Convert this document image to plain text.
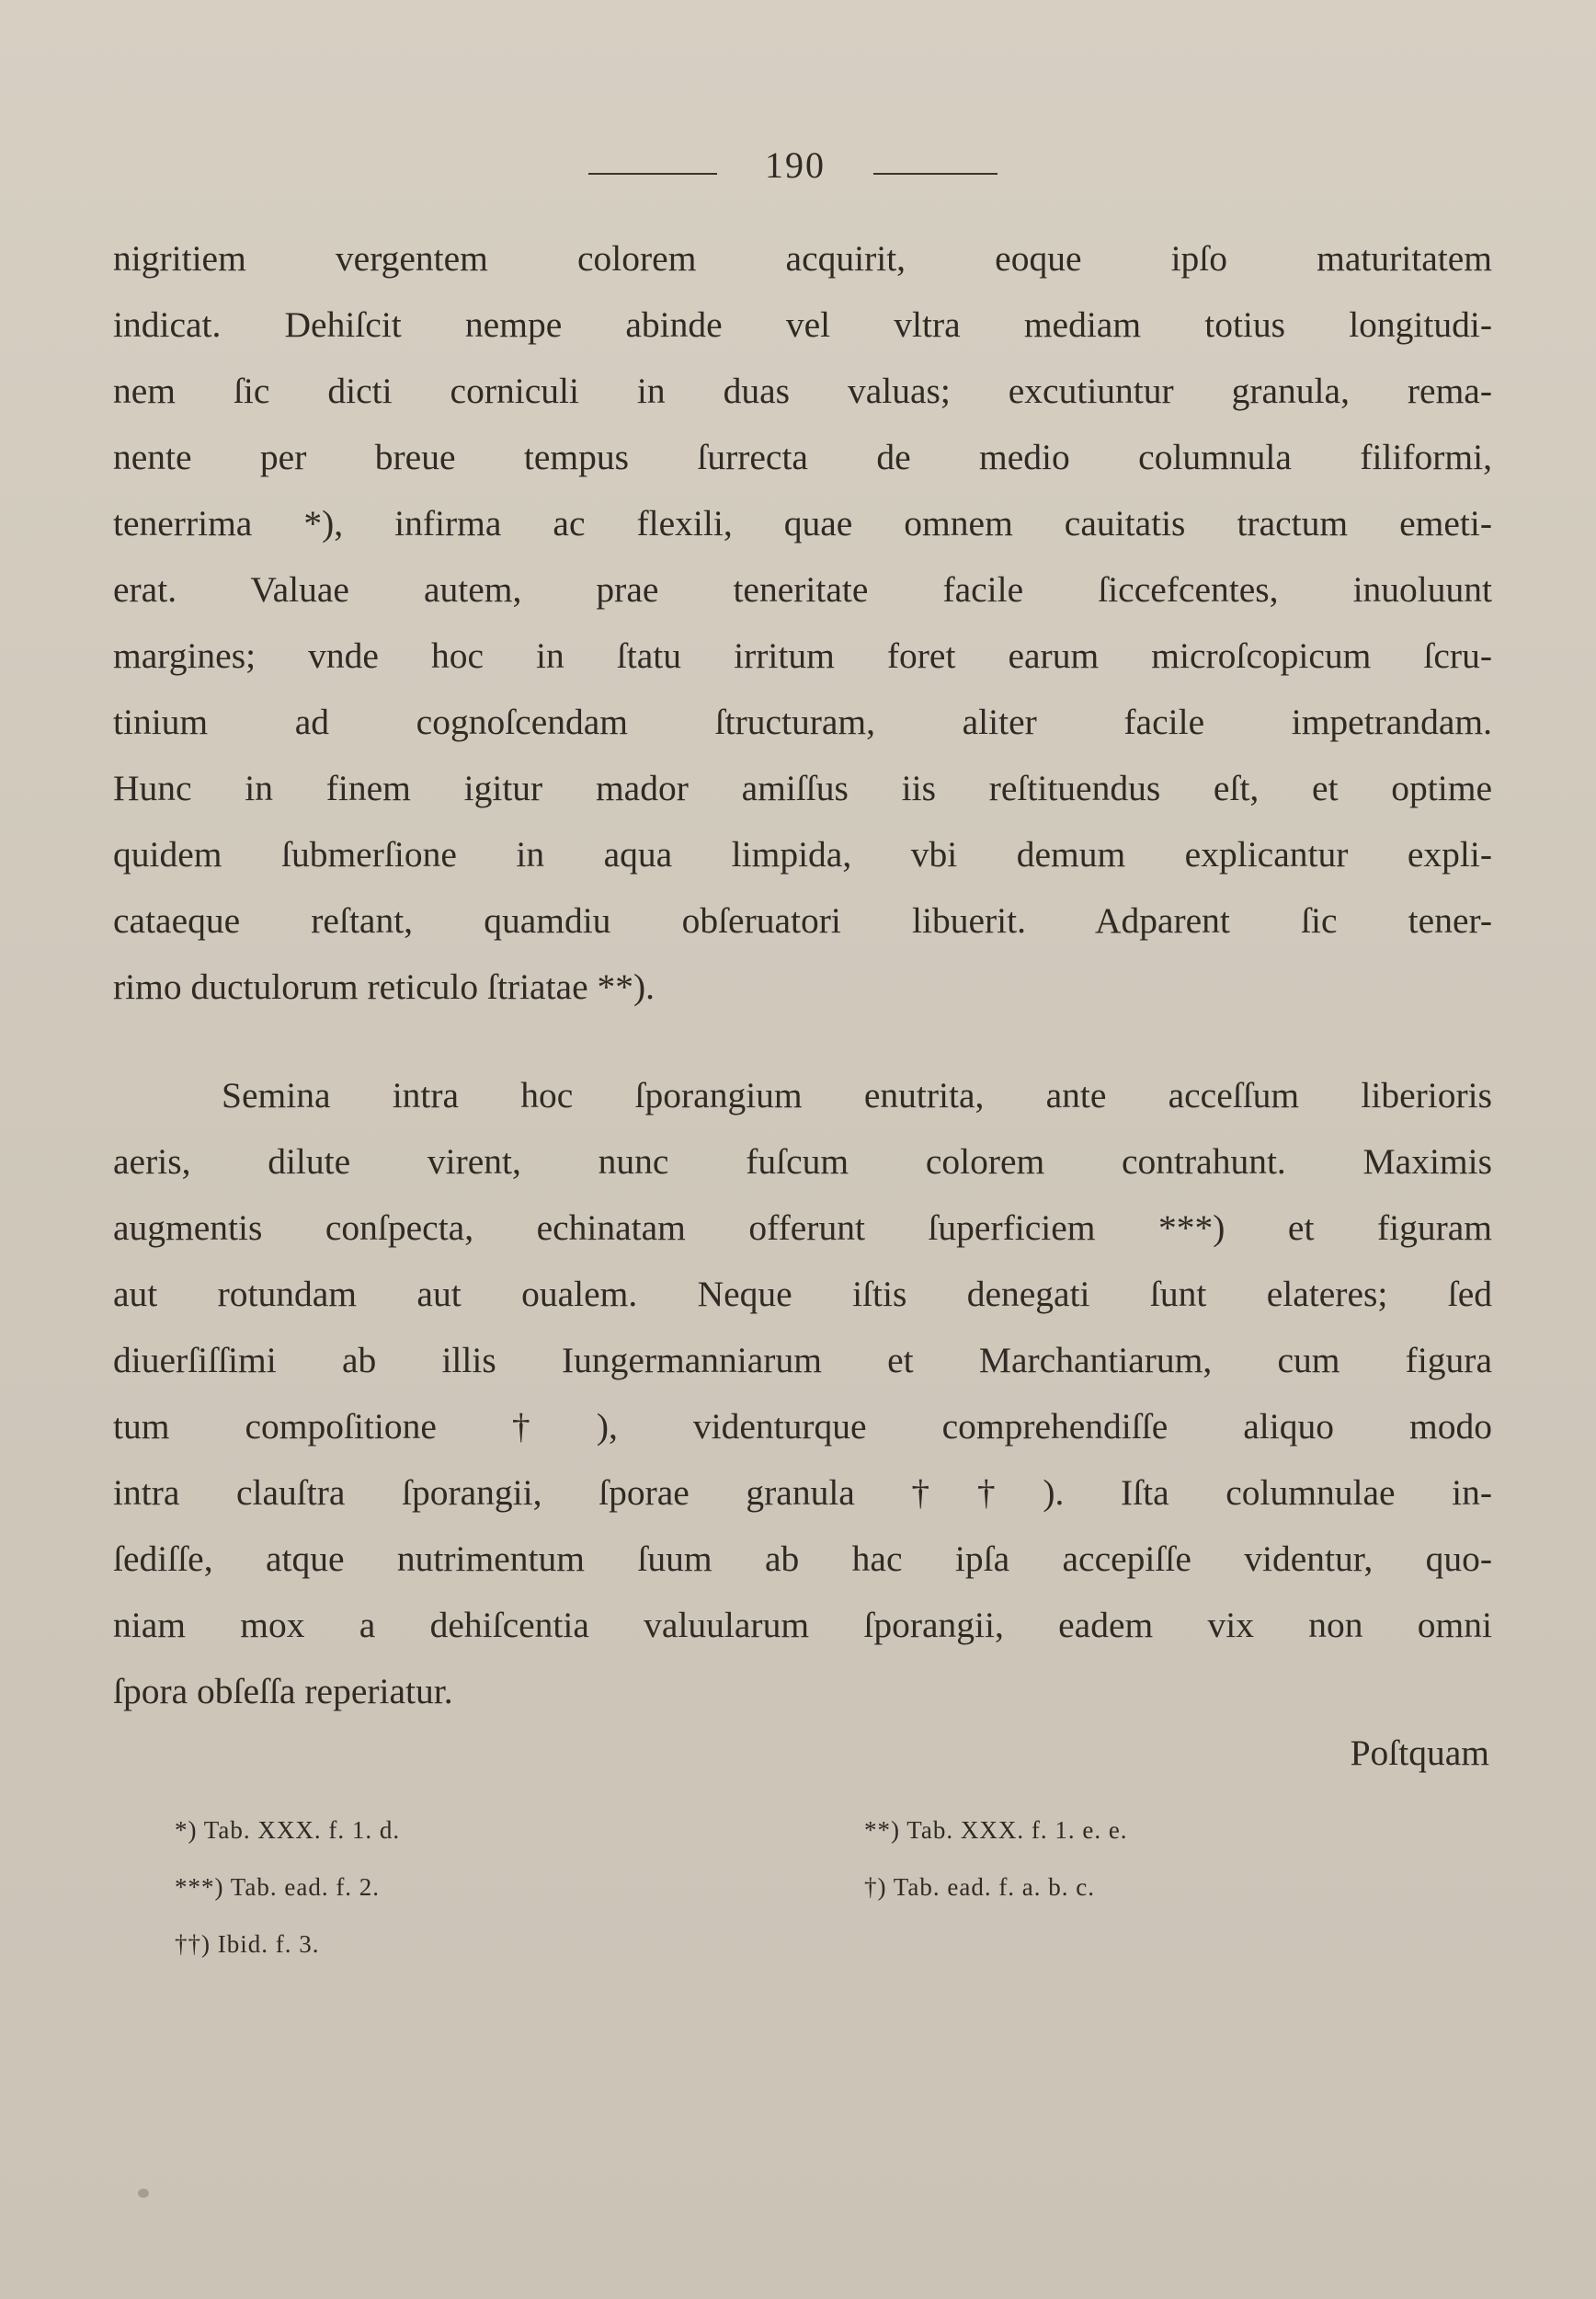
190

nigritiem vergentem colorem acquirit, eoque ipſo maturitatem
indicat. Dehiſcit nempe abinde vel vltra mediam totius longitudi-
nem ſic dicti corniculi in duas valuas; excutiuntur granula, rema-
nente per breue tempus ſurrecta de medio columnula filiformi,
tenerrima *), infirma ac flexili, quae omnem cauitatis tractum emeti-
erat. Valuae autem, prae teneritate facile ſiccefcentes, inuoluunt
margines; vnde hoc in ſtatu irritum foret earum microſcopicum ſcru-
tinium ad cognoſcendam ſtructuram, aliter facile impetrandam.
Hunc in finem igitur mador amiſſus iis reſtituendus eſt, et optime
quidem ſubmerſione in aqua limpida, vbi demum explicantur expli-
cataeque reſtant, quamdiu obſeruatori libuerit. Adparent ſic tener-
rimo ductulorum reticulo ſtriatae **).

Semina intra hoc ſporangium enutrita, ante acceſſum liberioris
aeris, dilute virent, nunc fuſcum colorem contrahunt. Maximis
augmentis conſpecta, echinatam offerunt ſuperficiem ***) et figuram
aut rotundam aut oualem. Neque iſtis denegati ſunt elateres; ſed
diuerſiſſimi ab illis Iungermanniarum et Marchantiarum, cum figura
tum compoſitione †), videnturque comprehendiſſe aliquo modo
intra clauſtra ſporangii, ſporae granula ††). Iſta columnulae in-
ſediſſe, atque nutrimentum ſuum ab hac ipſa accepiſſe videntur, quo-
niam mox a dehiſcentia valuularum ſporangii, eadem vix non omni
ſpora obſeſſa reperiatur.

Poſtquam
*) Tab. XXX. f. 1. d.	**) Tab. XXX. f. 1. e. e.
***) Tab. ead. f. 2.	†) Tab. ead. f. a. b. c.
††) Ibid. f. 3.
